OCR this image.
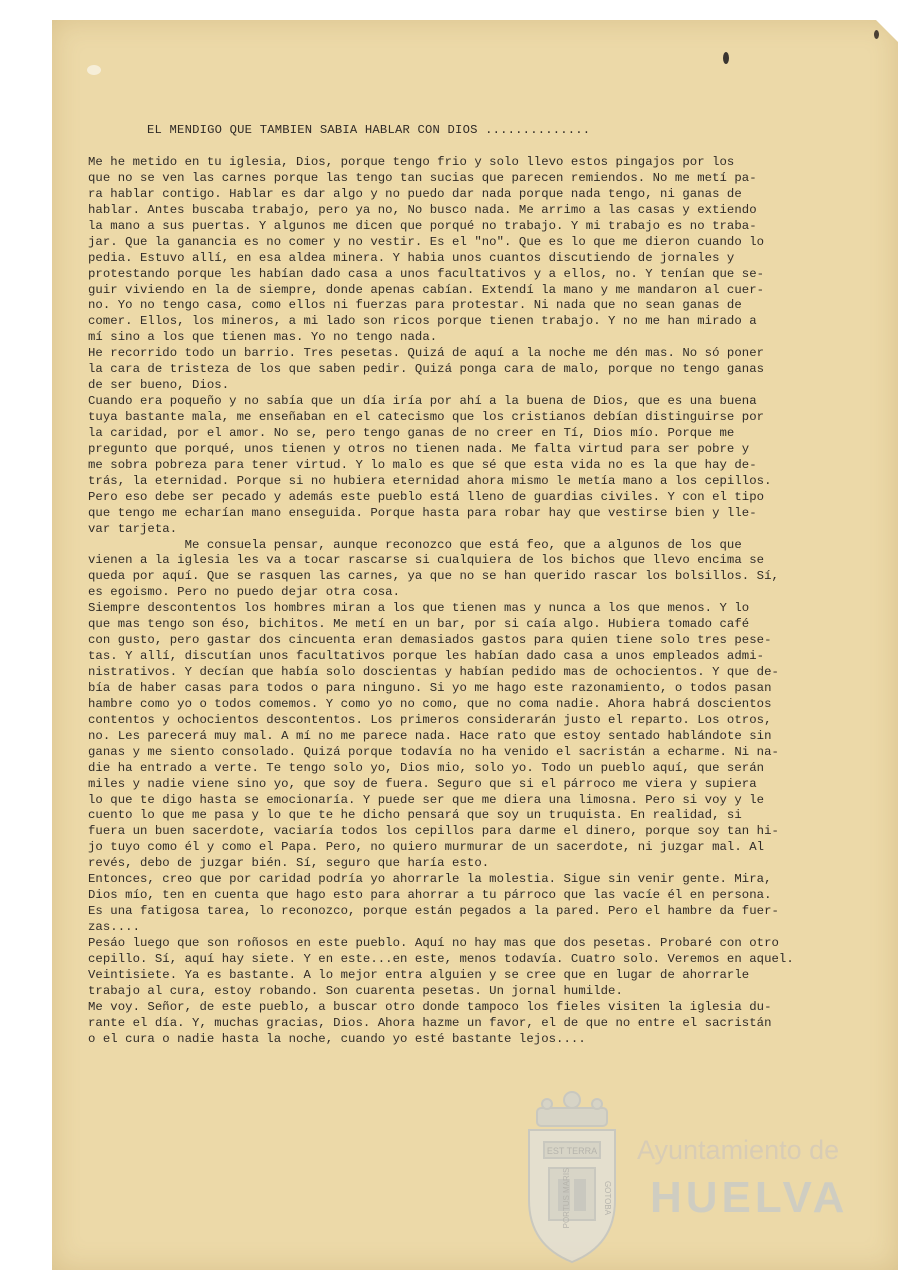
EL MENDIGO QUE TAMBIEN SABIA HABLAR CON DIOS ..............
Me he metido en tu iglesia, Dios, porque tengo frio y solo llevo estos pingajos por los
que no se ven las carnes porque las tengo tan sucias que parecen remiendos. No me metí pa-
ra hablar contigo. Hablar es dar algo y no puedo dar nada porque nada tengo, ni ganas de
hablar. Antes buscaba trabajo, pero ya no, No busco nada. Me arrimo a las casas y extiendo
la mano a sus puertas. Y algunos me dicen que porqué no trabajo. Y mi trabajo es no traba-
jar. Que la ganancia es no comer y no vestir. Es el "no". Que es lo que me dieron cuando lo
pedia. Estuvo allí, en esa aldea minera. Y habia unos cuantos discutiendo de jornales y
protestando porque les habían dado casa a unos facultativos y a ellos, no. Y tenían que se-
guir viviendo en la de siempre, donde apenas cabían. Extendí la mano y me mandaron al cuer-
no. Yo no tengo casa, como ellos ni fuerzas para protestar. Ni nada que no sean ganas de
comer. Ellos, los mineros, a mi lado son ricos porque tienen trabajo. Y no me han mirado a
mí sino a los que tienen mas. Yo no tengo nada.
He recorrido todo un barrio. Tres pesetas. Quizá de aquí a la noche me dén mas. No só poner
la cara de tristeza de los que saben pedir. Quizá ponga cara de malo, porque no tengo ganas
de ser bueno, Dios.
Cuando era poqueño y no sabía que un día iría por ahí a la buena de Dios, que es una buena
tuya bastante mala, me enseñaban en el catecismo que los cristianos debían distinguirse por
la caridad, por el amor. No se, pero tengo ganas de no creer en Tí, Dios mío. Porque me
pregunto que porqué, unos tienen y otros no tienen nada. Me falta virtud para ser pobre y
me sobra pobreza para tener virtud. Y lo malo es que sé que esta vida no es la que hay de-
trás, la eternidad. Porque si no hubiera eternidad ahora mismo le metía mano a los cepillos.
Pero eso debe ser pecado y además este pueblo está lleno de guardias civiles. Y con el tipo
que tengo me echarían mano enseguida. Porque hasta para robar hay que vestirse bien y lle-
var tarjeta.
Me consuela pensar, aunque reconozco que está feo, que a algunos de los que
vienen a la iglesia les va a tocar rascarse si cualquiera de los bichos que llevo encima se
queda por aquí. Que se rasquen las carnes, ya que no se han querido rascar los bolsillos. Sí,
es egoismo. Pero no puedo dejar otra cosa.
Siempre descontentos los hombres miran a los que tienen mas y nunca a los que menos. Y lo
que mas tengo son éso, bichitos. Me metí en un bar, por si caía algo. Hubiera tomado café
con gusto, pero gastar dos cincuenta eran demasiados gastos para quien tiene solo tres pese-
tas. Y allí, discutían unos facultativos porque les habían dado casa a unos empleados admi-
nistrativos. Y decían que había solo doscientas y habían pedido mas de ochocientos. Y que de-
bía de haber casas para todos o para ninguno. Si yo me hago este razonamiento, o todos pasan
hambre como yo o todos comemos. Y como yo no como, que no coma nadie. Ahora habrá doscientos
contentos y ochocientos descontentos. Los primeros considerarán justo el reparto. Los otros,
no. Les parecerá muy mal. A mí no me parece nada. Hace rato que estoy sentado hablándote sin
ganas y me siento consolado. Quizá porque todavía no ha venido el sacristán a echarme. Ni na-
die ha entrado a verte. Te tengo solo yo, Dios mio, solo yo. Todo un pueblo aquí, que serán
miles y nadie viene sino yo, que soy de fuera. Seguro que si el párroco me viera y supiera
lo que te digo hasta se emocionaría. Y puede ser que me diera una limosna. Pero si voy y le
cuento lo que me pasa y lo que te he dicho pensará que soy un truquista. En realidad, si
fuera un buen sacerdote, vaciaría todos los cepillos para darme el dinero, porque soy tan hi-
jo tuyo como él y como el Papa. Pero, no quiero murmurar de un sacerdote, ni juzgar mal. Al
revés, debo de juzgar bién. Sí, seguro que haría esto.
Entonces, creo que por caridad podría yo ahorrarle la molestia. Sigue sin venir gente. Mira,
Dios mío, ten en cuenta que hago esto para ahorrar a tu párroco que las vacíe él en persona.
Es una fatigosa tarea, lo reconozco, porque están pegados a la pared. Pero el hambre da fuer-
zas....
Pesáo luego que son roñosos en este pueblo. Aquí no hay mas que dos pesetas. Probaré con otro
cepillo. Sí, aquí hay siete. Y en este...en este, menos todavía. Cuatro solo. Veremos en aquel.
Veintisiete. Ya es bastante. A lo mejor entra alguien y se cree que en lugar de ahorrarle
trabajo al cura, estoy robando. Son cuarenta pesetas. Un jornal humilde.
Me voy. Señor, de este pueblo, a buscar otro donde tampoco los fieles visiten la iglesia du-
rante el día. Y, muchas gracias, Dios. Ahora hazme un favor, el de que no entre el sacristán
o el cura o nadie hasta la noche, cuando yo esté bastante lejos....
EST TERRA
PORTUS MARIS	GOTOBA
Ayuntamiento de
HUELVA
